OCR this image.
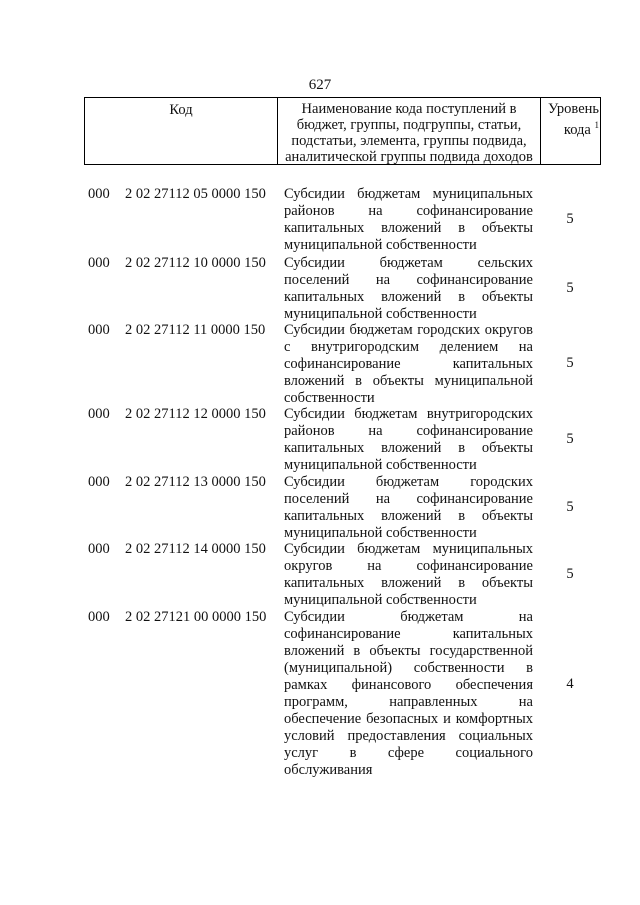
627
Код	Наименование кода поступлений в
бюджет, группы, подгруппы, статьи,
подстатьи, элемента, группы подвида,
аналитической группы подвида доходов
Уровень
кода $^1$
000 2 02 27112 05 0000 150 Субсидии бюджетам муниципальных районов на софинансирование капитальных вложений в объекты муниципальной собственности
5
000 2 02 27112 10 0000 150 Субсидии бюджетам сельских поселений на софинансирование капитальных вложений в объекты муниципальной собственности
5
000 2 02 27112 11 0000 150 Субсидии бюджетам городских округов с внутригородским делением на софинансирование капитальных вложений в объекты муниципальной собственности
5
000 2 02 27112 12 0000 150 Субсидии бюджетам внутригородских районов на софинансирование капитальных вложений в объекты муниципальной собственности
5
000 2 02 27112 13 0000 150 Субсидии бюджетам городских поселений на софинансирование капитальных вложений в объекты муниципальной собственности
5
000 2 02 27112 14 0000 150 Субсидии бюджетам муниципальных округов на софинансирование капитальных вложений в объекты муниципальной собственности
5
000 2 02 27121 00 0000 150 Субсидии бюджетам на софинансирование капитальных вложений в объекты государственной (муниципальной) собственности в рамках финансового обеспечения программ, направленных на обеспечение безопасных и комфортных условий предоставления социальных услуг в сфере социального обслуживания
4
